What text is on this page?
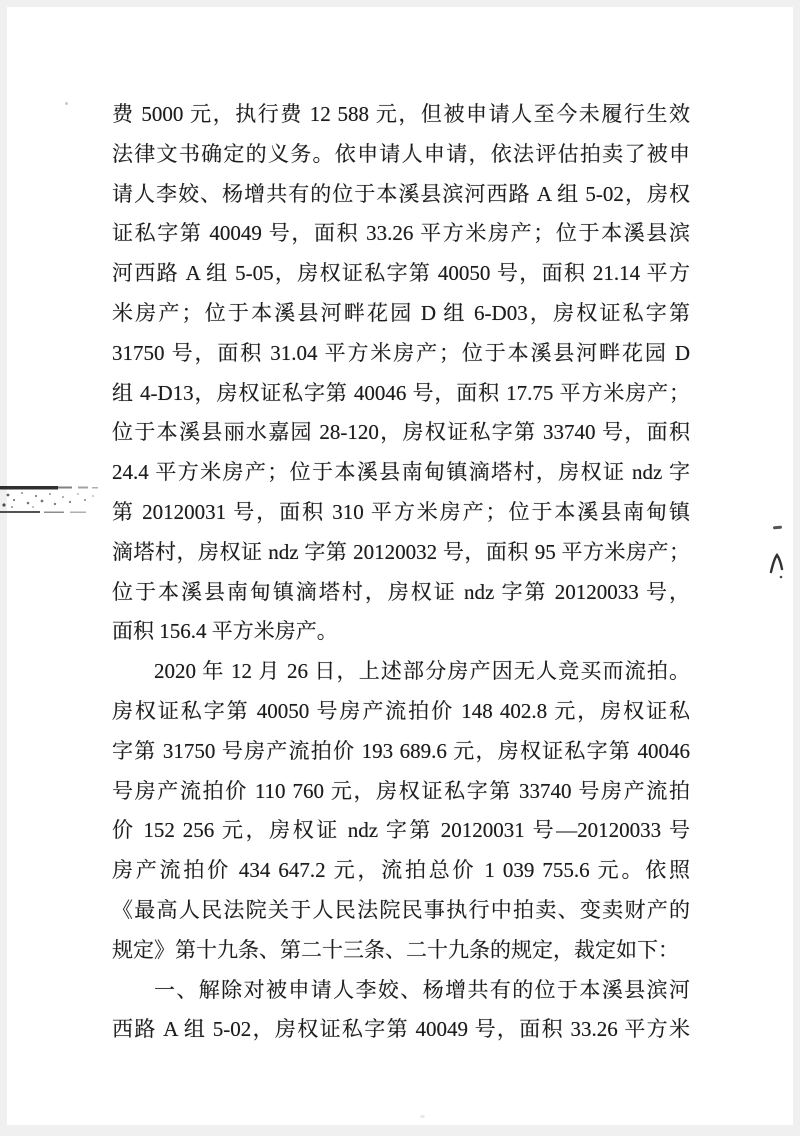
费 5000 元，执行费 12 588 元，但被申请人至今未履行生效
法律文书确定的义务。依申请人申请，依法评估拍卖了被申
请人李姣、杨增共有的位于本溪县滨河西路 A 组 5-02，房权
证私字第 40049 号，面积 33.26 平方米房产；位于本溪县滨
河西路 A 组 5-05，房权证私字第 40050 号，面积 21.14 平方
米房产；位于本溪县河畔花园 D 组 6-D03，房权证私字第
31750 号，面积 31.04 平方米房产；位于本溪县河畔花园 D
组 4-D13，房权证私字第 40046 号，面积 17.75 平方米房产；
位于本溪县丽水嘉园 28-120，房权证私字第 33740 号，面积
24.4 平方米房产；位于本溪县南甸镇滴塔村，房权证 ndz 字
第 20120031 号，面积 310 平方米房产；位于本溪县南甸镇
滴塔村，房权证 ndz 字第 20120032 号，面积 95 平方米房产；
位于本溪县南甸镇滴塔村，房权证 ndz 字第 20120033 号，
面积 156.4 平方米房产。
2020 年 12 月 26 日，上述部分房产因无人竞买而流拍。
房权证私字第 40050 号房产流拍价 148 402.8 元，房权证私
字第 31750 号房产流拍价 193 689.6 元，房权证私字第 40046
号房产流拍价 110 760 元，房权证私字第 33740 号房产流拍
价 152 256 元，房权证 ndz 字第 20120031 号—20120033 号
房产流拍价 434 647.2 元，流拍总价 1 039 755.6 元。依照
《最高人民法院关于人民法院民事执行中拍卖、变卖财产的
规定》第十九条、第二十三条、二十九条的规定，裁定如下：
一、解除对被申请人李姣、杨增共有的位于本溪县滨河
西路 A 组 5-02，房权证私字第 40049 号，面积 33.26 平方米
